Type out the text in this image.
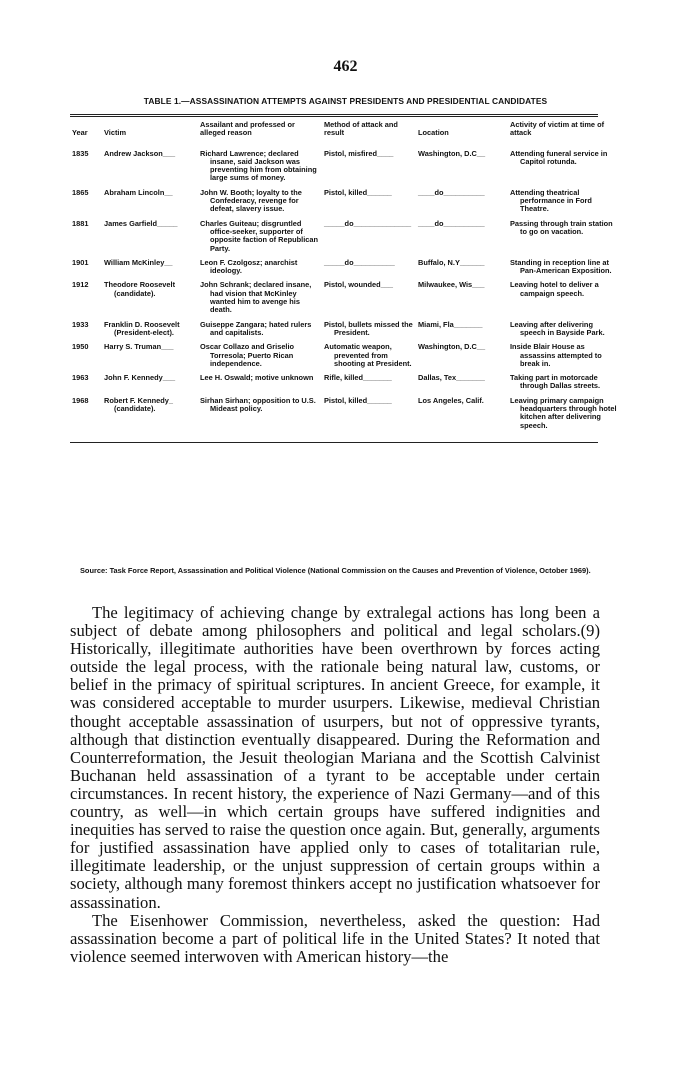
462
TABLE 1.—ASSASSINATION ATTEMPTS AGAINST PRESIDENTS AND PRESIDENTIAL CANDIDATES
Year	Victim	Assailant and professed or alleged reason	Method of attack and result	Location	Activity of victim at time of attack
1835	Andrew Jackson___	Richard Lawrence; declared insane, said Jackson was preventing him from obtaining large sums of money.	Pistol, misfired____	Washington, D.C__	Attending funeral service in Capitol rotunda.
1865	Abraham Lincoln__	John W. Booth; loyalty to the Confederacy, revenge for defeat, slavery issue.	Pistol, killed______	____do__________	Attending theatrical performance in Ford Theatre.
1881	James Garfield_____	Charles Guiteau; disgruntled office-seeker, supporter of opposite faction of Republican Party.	_____do______________	____do__________	Passing through train station to go on vacation.
1901	William McKinley__	Leon F. Czolgosz; anarchist ideology.	_____do__________	Buffalo, N.Y______	Standing in reception line at Pan-American Exposition.
1912	Theodore Roosevelt (candidate).	John Schrank; declared insane, had vision that McKinley wanted him to avenge his death.	Pistol, wounded___	Milwaukee, Wis___	Leaving hotel to deliver a campaign speech.
1933	Franklin D. Roosevelt (President-elect).	Guiseppe Zangara; hated rulers and capitalists.	Pistol, bullets missed the President.	Miami, Fla_______	Leaving after delivering speech in Bayside Park.
1950	Harry S. Truman___	Oscar Collazo and Griselio Torresola; Puerto Rican independence.	Automatic weapon, prevented from shooting at President.	Washington, D.C__	Inside Blair House as assassins attempted to break in.
1963	John F. Kennedy___	Lee H. Oswald; motive unknown	Rifle, killed_______	Dallas, Tex_______	Taking part in motorcade through Dallas streets.
1968	Robert F. Kennedy_ (candidate).	Sirhan Sirhan; opposition to U.S. Mideast policy.	Pistol, killed______	Los Angeles, Calif.	Leaving primary campaign headquarters through hotel kitchen after delivering speech.
Source: Task Force Report, Assassination and Political Violence (National Commission on the Causes and Prevention of Violence, October 1969).

The legitimacy of achieving change by extralegal actions has long been a subject of debate among philosophers and political and legal scholars.(9) Historically, illegitimate authorities have been overthrown by forces acting outside the legal process, with the rationale being natural law, customs, or belief in the primacy of spiritual scriptures. In ancient Greece, for example, it was considered acceptable to murder usurpers. Likewise, medieval Christian thought acceptable assassination of usurpers, but not of oppressive tyrants, although that distinction eventually disappeared. During the Reformation and Counterreformation, the Jesuit theologian Mariana and the Scottish Calvinist Buchanan held assassination of a tyrant to be acceptable under certain circumstances. In recent history, the experience of Nazi Germany—and of this country, as well—in which certain groups have suffered indignities and inequities has served to raise the question once again. But, generally, arguments for justified assassination have applied only to cases of totalitarian rule, illegitimate leadership, or the unjust suppression of certain groups within a society, although many foremost thinkers accept no justification whatsoever for assassination.

The Eisenhower Commission, nevertheless, asked the question: Had assassination become a part of political life in the United States? It noted that violence seemed interwoven with American history—the
